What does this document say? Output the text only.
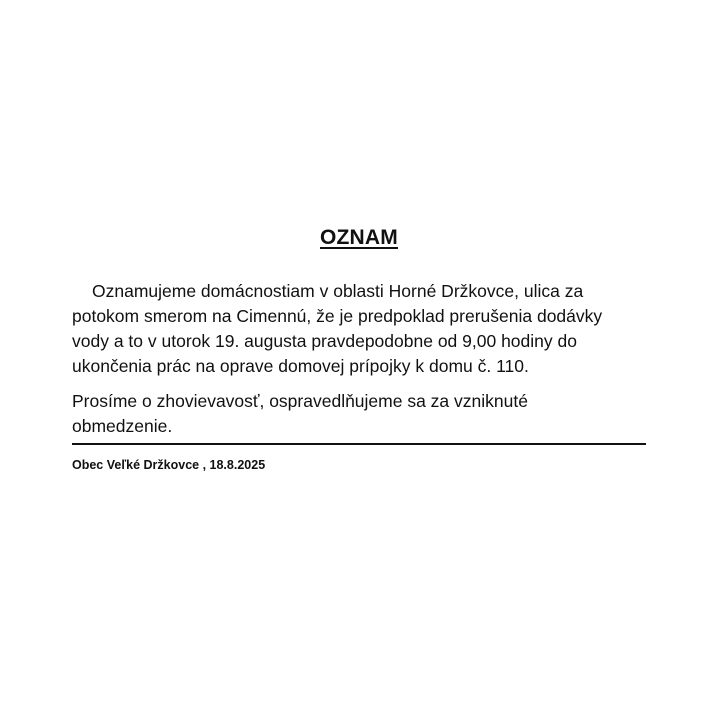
OZNAM

Oznamujeme domácnostiam v oblasti Horné Držkovce, ulica za potokom smerom na Cimennú, že je predpoklad prerušenia dodávky vody a to v utorok 19. augusta pravdepodobne od 9,00 hodiny do ukončenia prác na oprave domovej prípojky k domu č. 110.

Prosíme o zhovievavosť, ospravedlňujeme sa za vzniknuté obmedzenie.

Obec Veľké Držkovce , 18.8.2025
